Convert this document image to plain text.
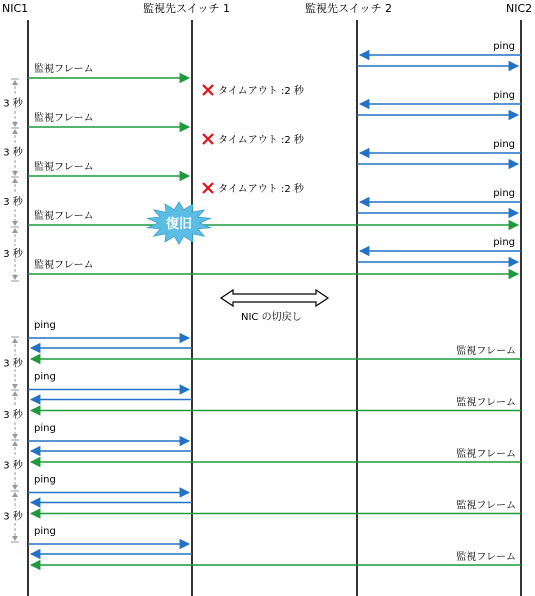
NIC1	監視先スイッチ 1	監視先スイッチ 2	NIC2
ping
監視フレーム
タイムアウト :2 秒	ping
監視フレーム
タイムアウト :2 秒	ping
監視フレーム
タイムアウト :2 秒	ping
監視フレーム
ping
監視フレーム
3 秒
3 秒
3 秒
3 秒
ping
監視フレーム
ping
監視フレーム
ping
監視フレーム
ping
監視フレーム
ping
監視フレーム
3 秒
3 秒
3 秒
3 秒
復旧
NIC の切戻し
